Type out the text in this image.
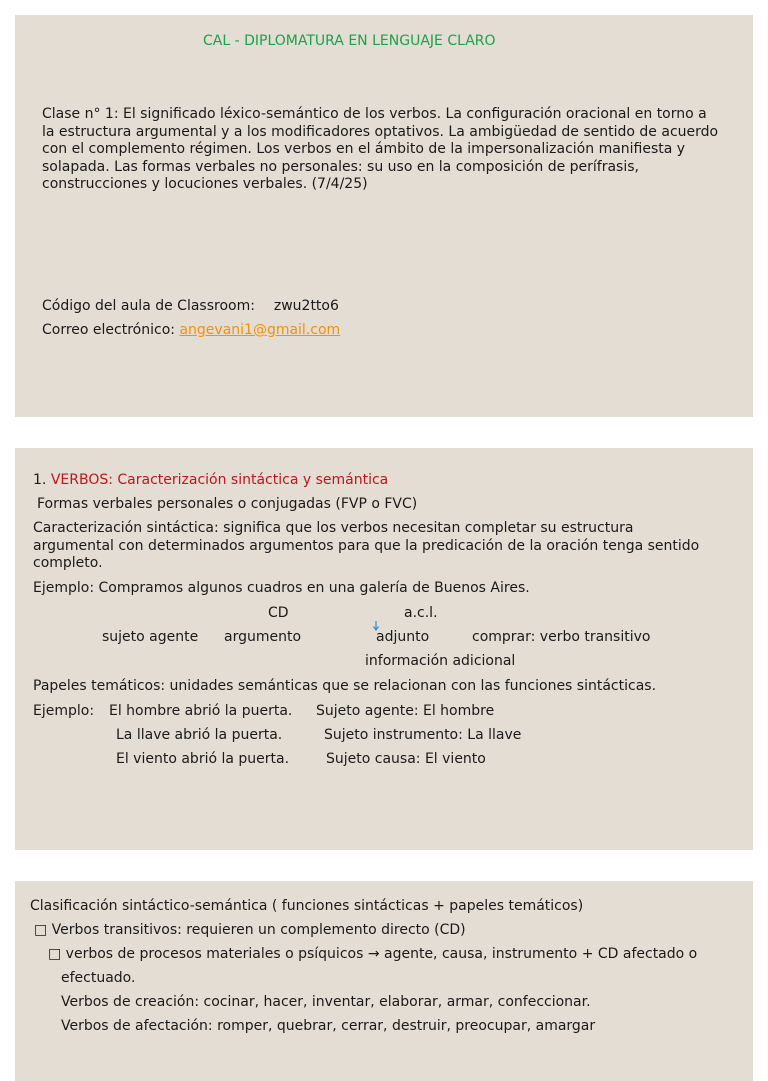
CAL - DIPLOMATURA EN LENGUAJE CLARO
Clase n° 1: El significado léxico-semántico de los verbos. La configuración oracional en torno a la estructura argumental y a los modificadores optativos. La ambigüedad de sentido de acuerdo con el complemento régimen. Los verbos en el ámbito de la impersonalización manifiesta y solapada. Las formas verbales no personales: su uso en la composición de perífrasis, construcciones y locuciones verbales. (7/4/25)
Código del aula de Classroom: zwu2tto6
Correo electrónico: angevani1@gmail.com
1. VERBOS: Caracterización sintáctica y semántica
Formas verbales personales o conjugadas (FVP o FVC)
Caracterización sintáctica: significa que los verbos necesitan completar su estructura argumental con determinados argumentos para que la predicación de la oración tenga sentido completo.
Ejemplo: Compramos algunos cuadros en una galería de Buenos Aires.
CD	a.c.l.
sujeto agente argumento	adjunto	comprar: verbo transitivo
información adicional
Papeles temáticos: unidades semánticas que se relacionan con las funciones sintácticas.
Ejemplo: El hombre abrió la puerta. Sujeto agente: El hombre
La llave abrió la puerta.	Sujeto instrumento: La llave
El viento abrió la puerta.	Sujeto causa: El viento
Clasificación sintáctico-semántica ( funciones sintácticas + papeles temáticos)
□ Verbos transitivos: requieren un complemento directo (CD)
□ verbos de procesos materiales o psíquicos → agente, causa, instrumento + CD afectado o
efectuado.
Verbos de creación: cocinar, hacer, inventar, elaborar, armar, confeccionar.
Verbos de afectación: romper, quebrar, cerrar, destruir, preocupar, amargar
